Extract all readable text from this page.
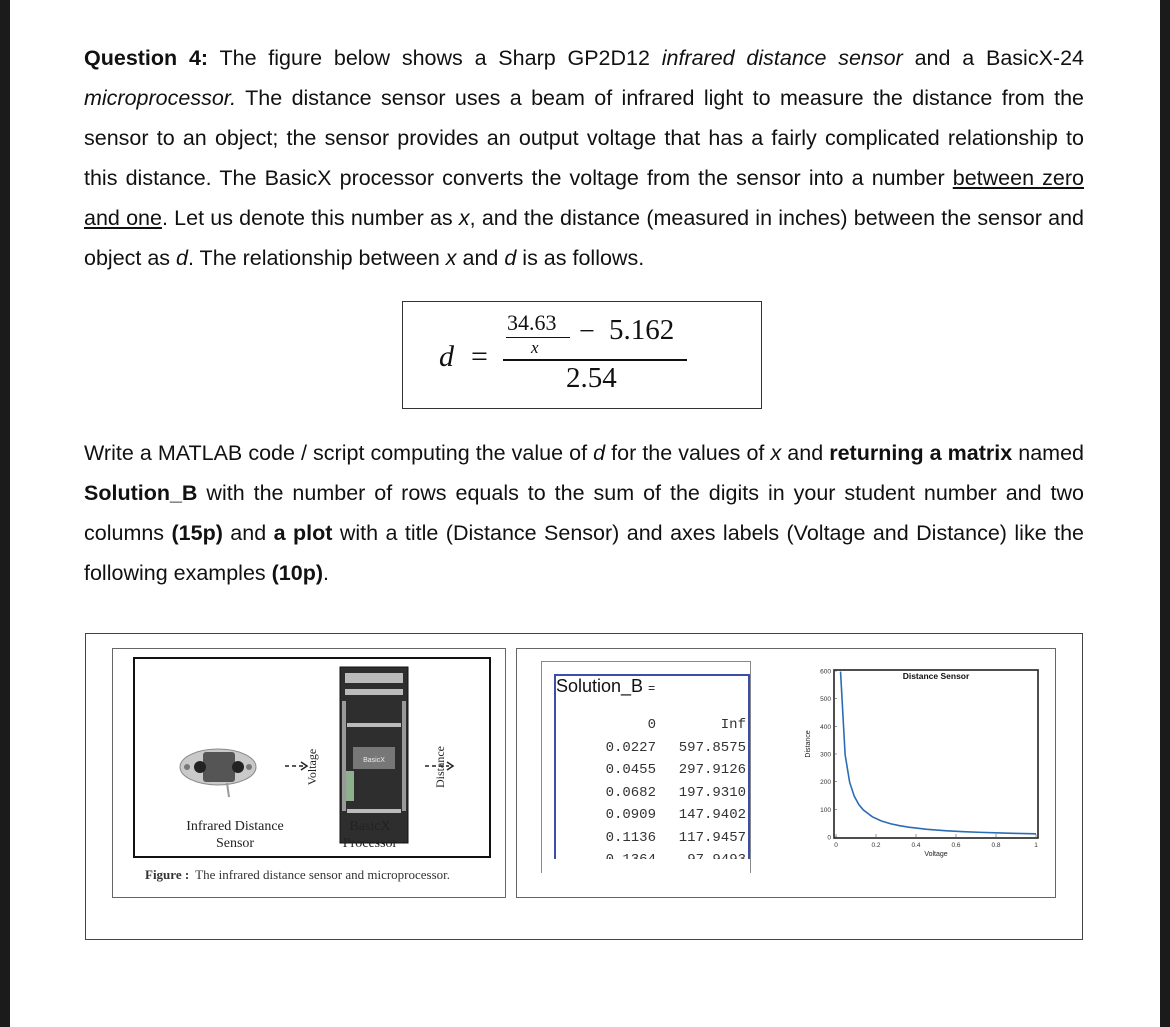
Question 4: The figure below shows a Sharp GP2D12 infrared distance sensor and a BasicX-24 microprocessor. The distance sensor uses a beam of infrared light to measure the distance from the sensor to an object; the sensor provides an output voltage that has a fairly complicated relationship to this distance. The BasicX processor converts the voltage from the sensor into a number between zero and one. Let us denote this number as x, and the distance (measured in inches) between the sensor and object as d. The relationship between x and d is as follows.

d =
34.63
x
− 5.162
2.54

Write a MATLAB code / script computing the value of d for the values of x and returning a matrix named Solution_B with the number of rows equals to the sum of the digits in your student number and two columns (15p) and a plot with a title (Distance Sensor) and axes labels (Voltage and Distance) like the following examples (10p).

Voltage	BasicX	Distance
Infrared Distance
Sensor
BasicX
Processor
Figure : The infrared distance sensor and microprocessor.
Solution_B =
0	Inf
0.0227 597.8575
0.0455 297.9126
0.0682 197.9310
0.0909 147.9402
0.1136 117.9457
Distance Sensor
0
100
200
300
400
500
600
0	0.2	0.4	0.6	0.8	1
Voltage
Distance
